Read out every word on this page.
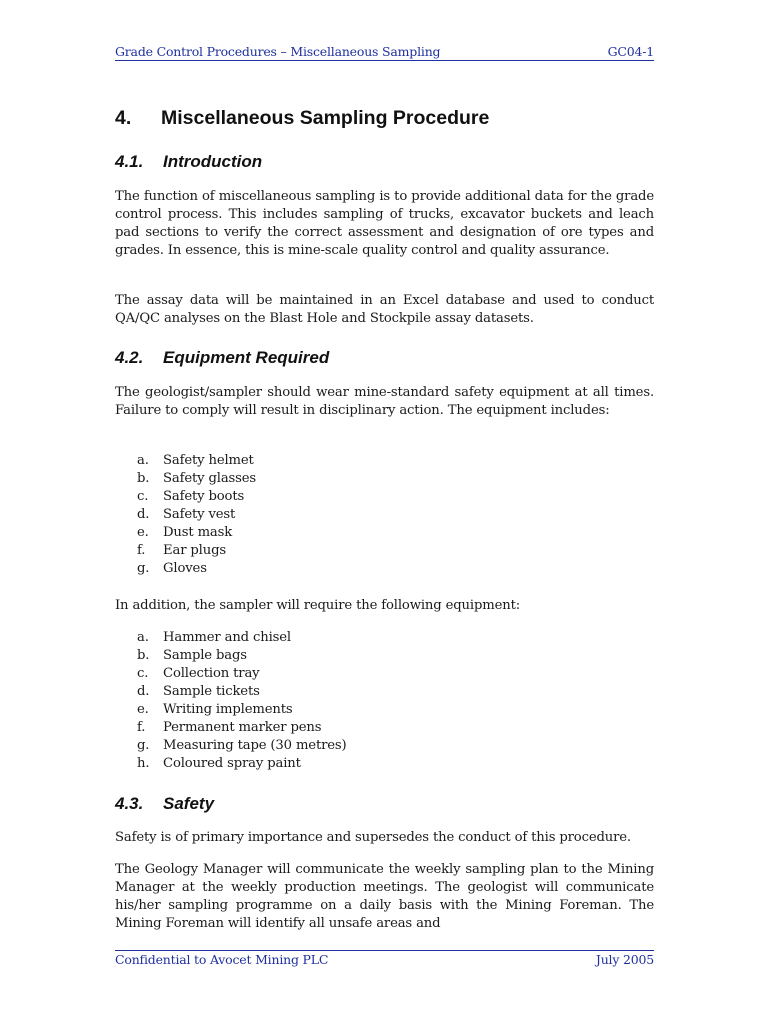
Grade Control Procedures – Miscellaneous Sampling	GC04-1
4. Miscellaneous Sampling Procedure
4.1. Introduction

The function of miscellaneous sampling is to provide additional data for the grade control process. This includes sampling of trucks, excavator buckets and leach pad sections to verify the correct assessment and designation of ore types and grades. In essence, this is mine-scale quality control and quality assurance.

The assay data will be maintained in an Excel database and used to conduct QA/QC analyses on the Blast Hole and Stockpile assay datasets.

4.2. Equipment Required

The geologist/sampler should wear mine-standard safety equipment at all times. Failure to comply will result in disciplinary action. The equipment includes:

a. Safety helmet
b. Safety glasses
c. Safety boots
d. Safety vest
e. Dust mask
f. Ear plugs
g. Gloves

In addition, the sampler will require the following equipment:

a. Hammer and chisel
b. Sample bags
c. Collection tray
d. Sample tickets
e. Writing implements
f. Permanent marker pens
g. Measuring tape (30 metres)
h. Coloured spray paint
4.3. Safety

Safety is of primary importance and supersedes the conduct of this procedure.

The Geology Manager will communicate the weekly sampling plan to the Mining Manager at the weekly production meetings. The geologist will communicate his/her sampling programme on a daily basis with the Mining Foreman. The Mining Foreman will identify all unsafe areas and

Confidential to Avocet Mining PLC	July 2005
